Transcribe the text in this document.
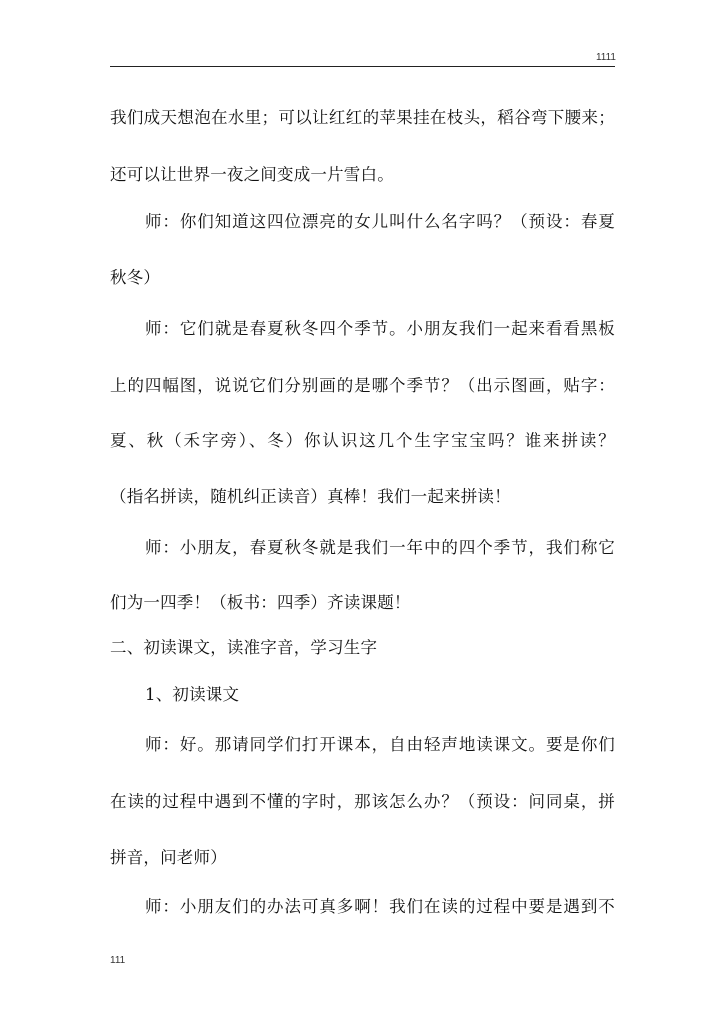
1111
我们成天想泡在水里；可以让红红的苹果挂在枝头，稻谷弯下腰来；
还可以让世界一夜之间变成一片雪白。
师：你们知道这四位漂亮的女儿叫什么名字吗？（预设：春夏
秋冬）
师：它们就是春夏秋冬四个季节。小朋友我们一起来看看黑板
上的四幅图，说说它们分别画的是哪个季节？（出示图画，贴字：
夏、秋（禾字旁）、冬）你认识这几个生字宝宝吗？谁来拼读？
（指名拼读，随机纠正读音）真棒！我们一起来拼读！
师：小朋友，春夏秋冬就是我们一年中的四个季节，我们称它
们为一四季！（板书：四季）齐读课题！
二、初读课文，读准字音，学习生字
1、初读课文
师：好。那请同学们打开课本，自由轻声地读课文。要是你们
在读的过程中遇到不懂的字时，那该怎么办？（预设：问同桌，拼
拼音，问老师）
师：小朋友们的办法可真多啊！我们在读的过程中要是遇到不
111
